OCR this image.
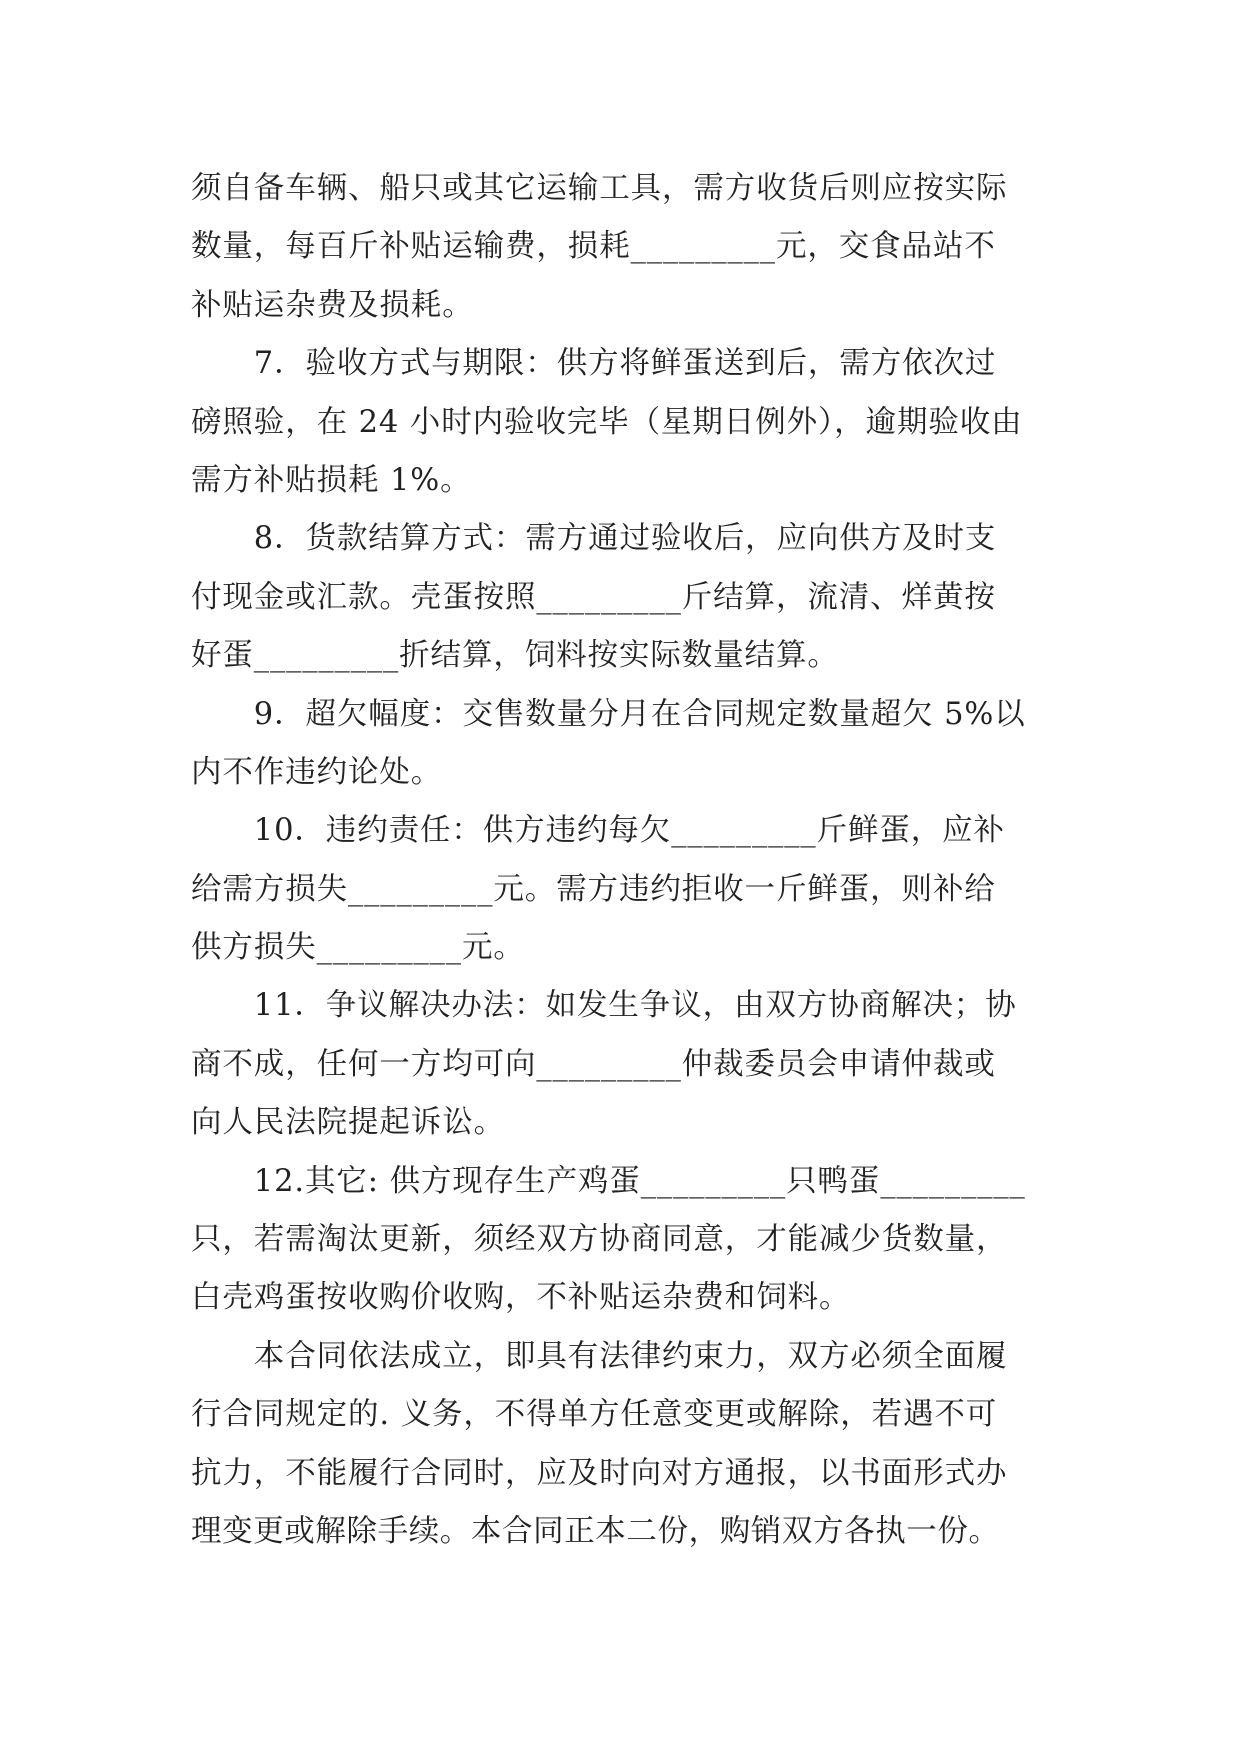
须自备车辆、船只或其它运输工具，需方收货后则应按实际
数量，每百斤补贴运输费，损耗_________元，交食品站不
补贴运杂费及损耗。
　　7．验收方式与期限：供方将鲜蛋送到后，需方依次过
磅照验，在 24 小时内验收完毕（星期日例外），逾期验收由
需方补贴损耗 1%。
　　8．货款结算方式：需方通过验收后，应向供方及时支
付现金或汇款。壳蛋按照_________斤结算，流清、烊黄按
好蛋_________折结算，饲料按实际数量结算。
　　9．超欠幅度：交售数量分月在合同规定数量超欠 5%以
内不作违约论处。
　　10．违约责任：供方违约每欠_________斤鲜蛋，应补
给需方损失_________元。需方违约拒收一斤鲜蛋，则补给
供方损失_________元。
　　11．争议解决办法：如发生争议，由双方协商解决；协
商不成，任何一方均可向_________仲裁委员会申请仲裁或
向人民法院提起诉讼。
　　12.其它: 供方现存生产鸡蛋_________只鸭蛋_________
只，若需淘汰更新，须经双方协商同意，才能减少货数量，
白壳鸡蛋按收购价收购，不补贴运杂费和饲料。
　　本合同依法成立，即具有法律约束力，双方必须全面履
行合同规定的. 义务，不得单方任意变更或解除，若遇不可
抗力，不能履行合同时，应及时向对方通报，以书面形式办
理变更或解除手续。本合同正本二份，购销双方各执一份。
